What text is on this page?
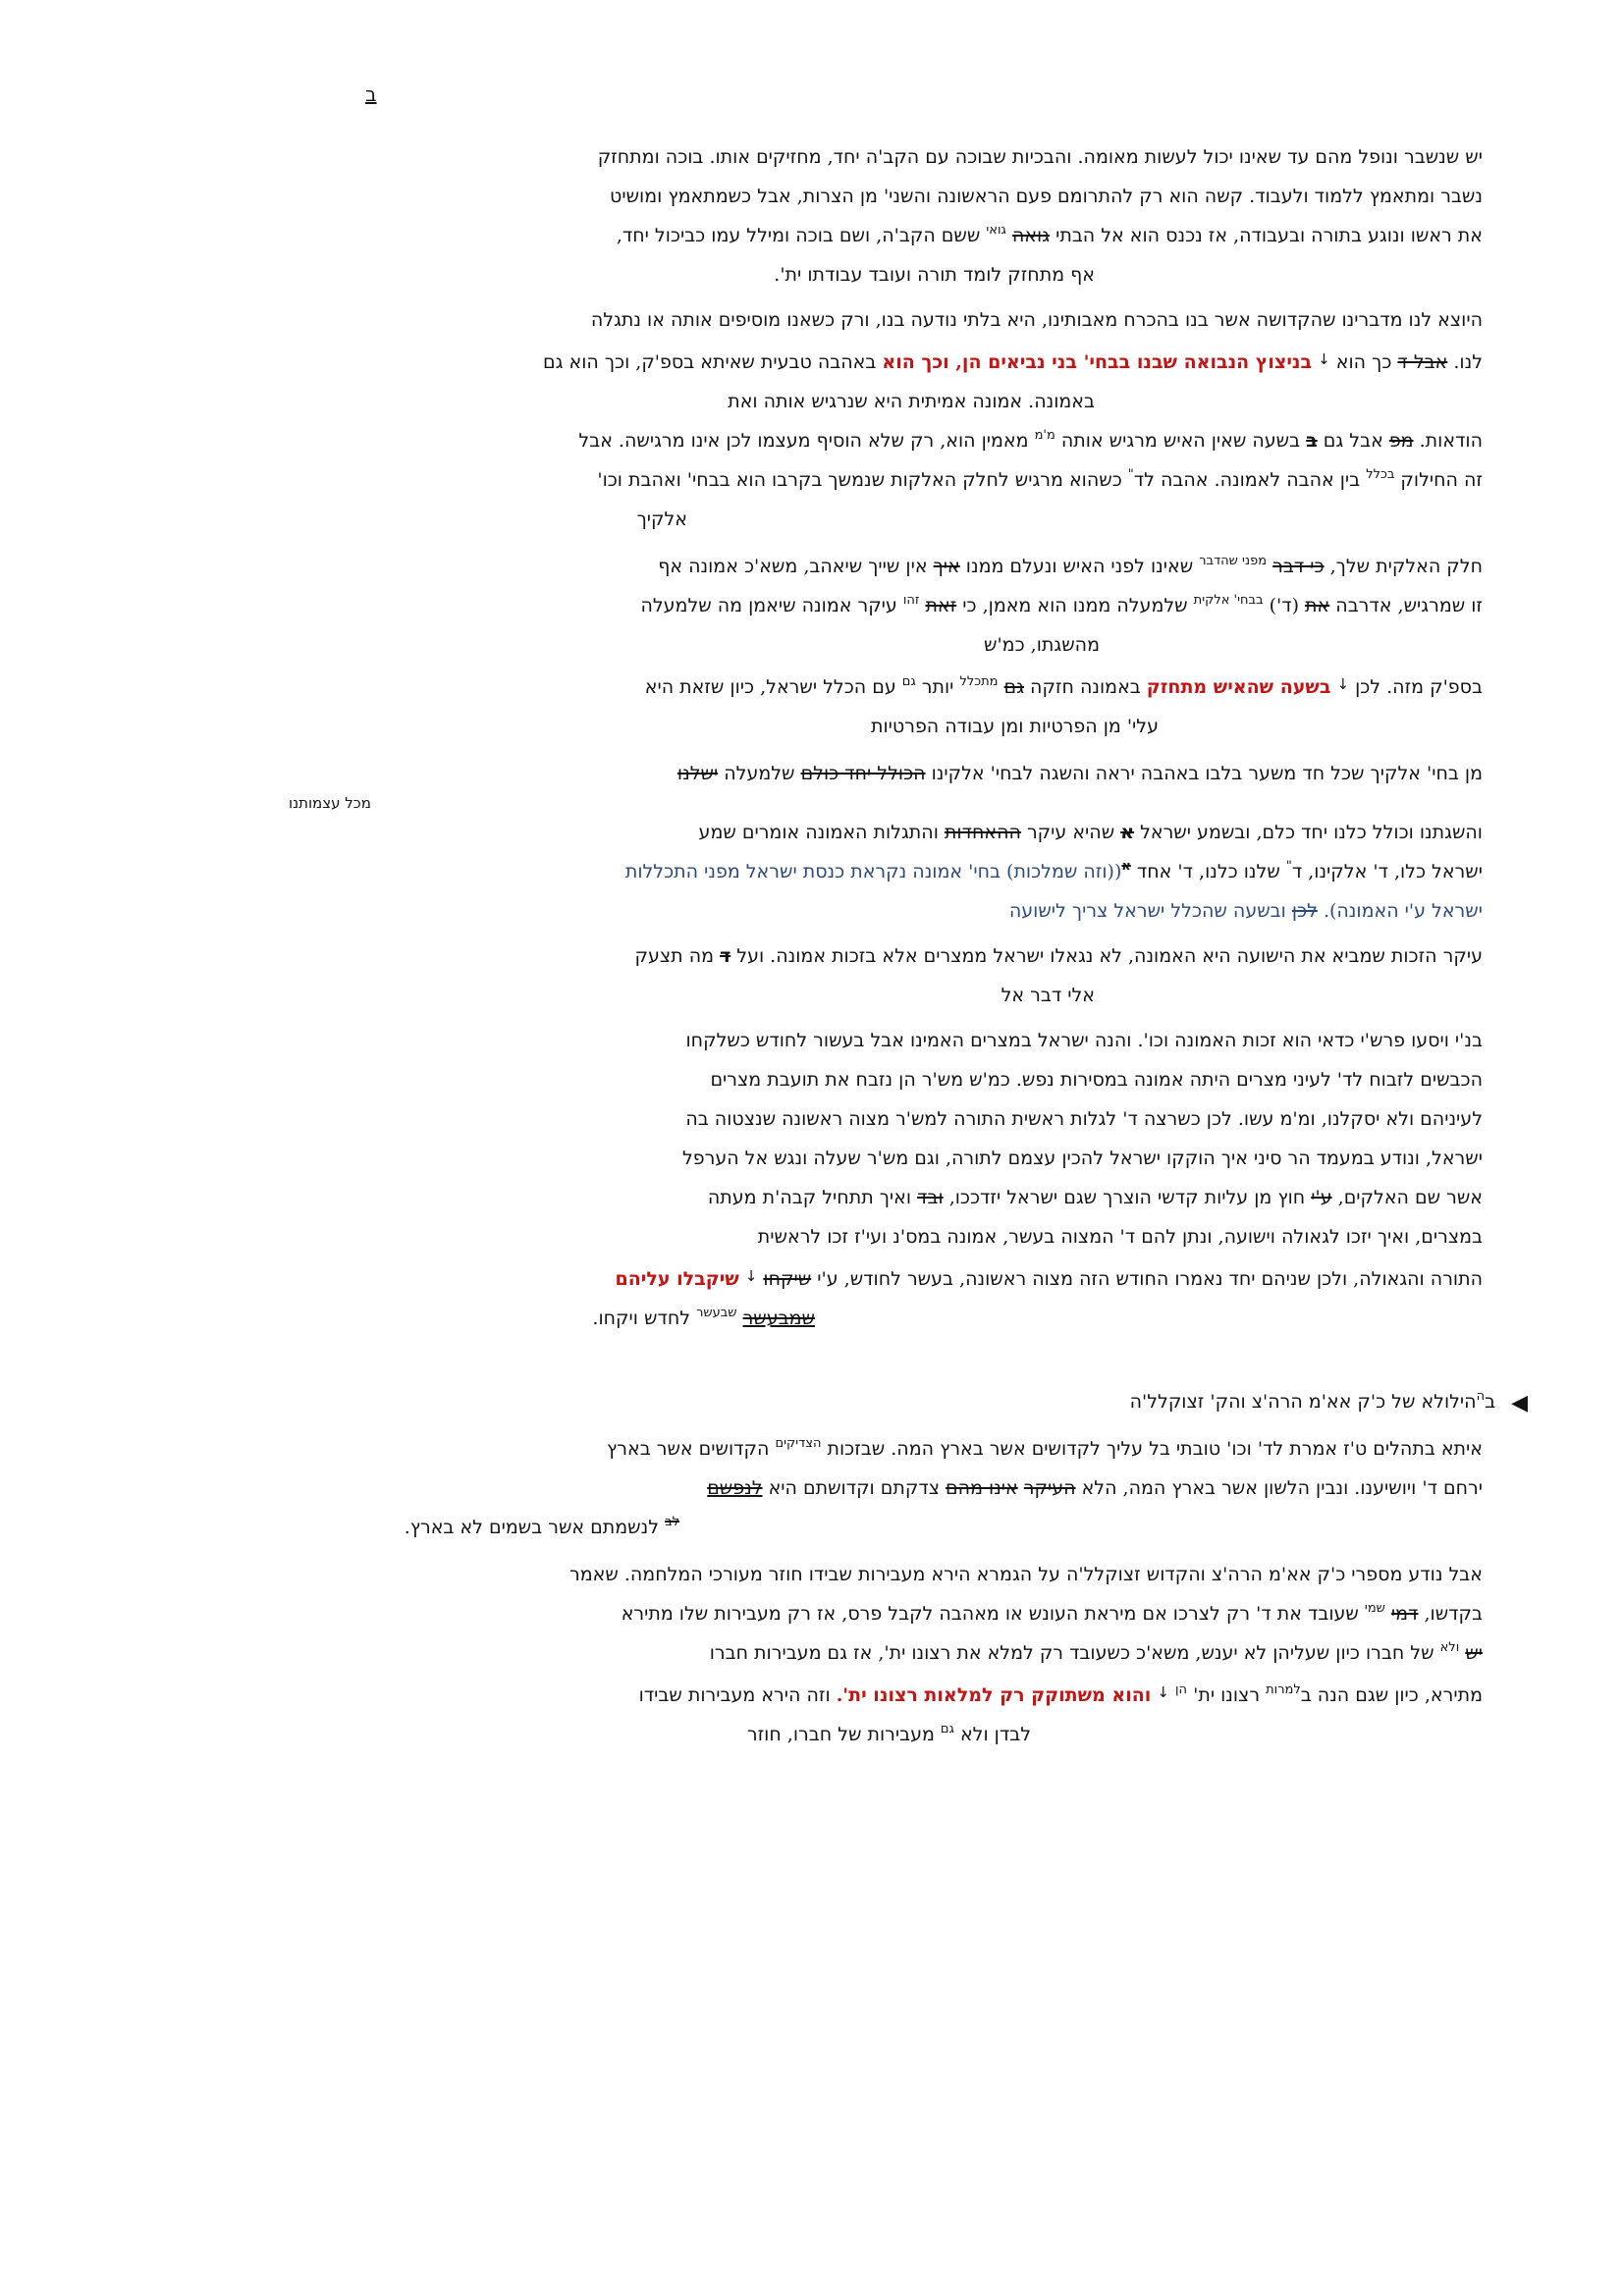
ב
יש שנשבר ונופל מהם עד שאינו יכול לעשות מאומה. והבכיות שבוכה עם הקב'ה יחד, מחזיקים אותו. בוכה ומתחזק
נשבר ומתאמץ ללמוד ולעבוד. קשה הוא רק להתרומם פעם הראשונה והשני' מן הצרות, אבל כשמתאמץ ומושיט
את ראשו ונוגע בתורה ובעבודה, אז נכנס הוא אל הבתי גואה $^{גואי}$ ששם הקב'ה, ושם בוכה ומילל עמו כביכול יחד,
אף מתחזק לומד תורה ועובד עבודתו ית'.
היוצא לנו מדברינו שהקדושה אשר בנו בהכרח מאבותינו, היא בלתי נודעה בנו, ורק כשאנו מוסיפים אותה או נתגלה
לנו. אבל ד כך הוא ↓ בניצוץ הנבואה שבנו בבחי' בני נביאים הן, וכך הוא באהבה טבעית שאיתא בספ'ק, וכך הוא גם
באמונה. אמונה אמיתית היא שנרגיש אותה ואת
הודאות. מפ אבל גם ב בשעה שאין האיש מרגיש אותה $^{מ'מ}$ מאמין הוא, רק שלא הוסיף מעצמו לכן אינו מרגישה. אבל
זה החילוק $^{בכלל}$ בין אהבה לאמונה. אהבה לד" כשהוא מרגיש לחלק האלקות שנמשך בקרבו הוא בבחי' ואהבת וכו'
אלקיך
חלק האלקית שלך, כי דבר $^{מפני שהדבר}$ שאינו לפני האיש ונעלם ממנו איך אין שייך שיאהב, משא'כ אמונה אף
זו שמרגיש, אדרבה את (ד') $^{בבחי' אלקית}$ שלמעלה ממנו הוא מאמן, כי זאת $^{זהו}$ עיקר אמונה שיאמן מה שלמעלה
מהשגתו, כמ'ש
בספ'ק מזה. לכן ↓ בשעה שהאיש מתחזק באמונה חזקה גם $^{מתכלל}$ יותר $^{גם}$ עם הכלל ישראל, כיון שזאת היא
עלי' מן הפרטיות ומן עבודה הפרטיות
מן בחי' אלקיך שכל חד משער בלבו באהבה יראה והשגה לבחי' אלקינו הכולל יחד כולם שלמעלה ישלנו
מכל עצמותנו
והשגתנו וכולל כלנו יחד כלם, ובשמע ישראל א שהיא עיקר ההאחדות והתגלות האמונה אומרים שמע
ישראל כלו, ד' אלקינו, ד" שלנו כלנו, ד' אחד $^א$((וזה שמלכות) בחי' אמונה נקראת כנסת ישראל מפני התכללות
ישראל ע'י האמונה). לכן ובשעה שהכלל ישראל צריך לישועה
עיקר הזכות שמביא את הישועה היא האמונה, לא נגאלו ישראל ממצרים אלא בזכות אמונה. ועל ד מה תצעק
אלי דבר אל
בנ'י ויסעו פרש'י כדאי הוא זכות האמונה וכו'. והנה ישראל במצרים האמינו אבל בעשור לחודש כשלקחו
הכבשים לזבוח לד' לעיני מצרים היתה אמונה במסירות נפש. כמ'ש מש'ר הן נזבח את תועבת מצרים
לעיניהם ולא יסקלנו, ומ'מ עשו. לכן כשרצה ד' לגלות ראשית התורה למש'ר מצוה ראשונה שנצטוה בה
ישראל, ונודע במעמד הר סיני איך הוקקו ישראל להכין עצמם לתורה, וגם מש'ר שעלה ונגש אל הערפל
אשר שם האלקים, ע'י חוץ מן עליות קדשי הוצרך שגם ישראל יזדככו, ובד ואיך תתחיל קבה'ת מעתה
במצרים, ואיך יזכו לגאולה וישועה, ונתן להם ד' המצוה בעשר, אמונה במס'נ ועי'ז זכו לראשית
התורה והגאולה, ולכן שניהם יחד נאמרו החודש הזה מצוה ראשונה, בעשר לחודש, ע'י שיקחו ↓ שיקבלו עליהם
שמבעשר $^{שבעשר}$ לחדש ויקחו.
◀ב$^ה$הילולא של כ'ק אא'מ הרה'צ והק' זצוקלל'ה
איתא בתהלים ט'ז אמרת לד' וכו' טובתי בל עליך לקדושים אשר בארץ המה. שבזכות $^{הצדיקים}$ הקדושים אשר בארץ
ירחם ד' ויושיענו. ונבין הלשון אשר בארץ המה, הלא העיקר אינו מהם צדקתם וקדושתם היא לנפשם
$^{לב}$ לנשמתם אשר בשמים לא בארץ.
אבל נודע מספרי כ'ק אא'מ הרה'צ והקדוש זצוקלל'ה על הגמרא הירא מעבירות שבידו חוזר מעורכי המלחמה. שאמר
בקדשו, דמי $^{שמי}$ שעובד את ד' רק לצרכו אם מיראת העונש או מאהבה לקבל פרס, אז רק מעבירות שלו מתירא
יש $^{ולא}$ של חברו כיון שעליהן לא יענש, משא'כ כשעובד רק למלא את רצונו ית', אז גם מעבירות חברו
מתירא, כיון שגם הנה ב$^{למרות}$ רצונו ית' $^{הן}$ ↓ והוא משתוקק רק למלאות רצונו ית'. וזה הירא מעבירות שבידו
לבדן ולא $^{גם}$ מעבירות של חברו, חוזר
